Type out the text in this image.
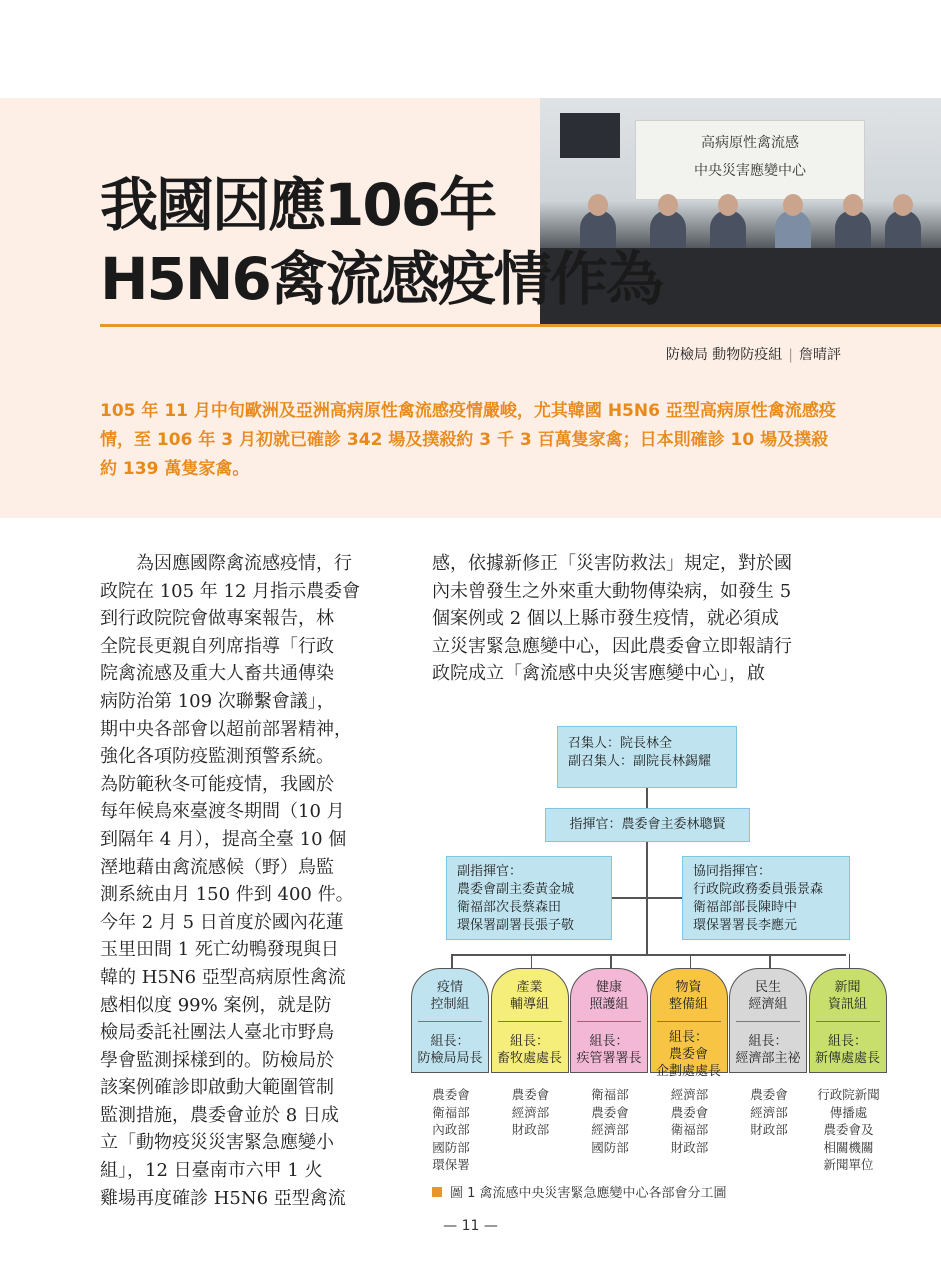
高病原性禽流感
中央災害應變中心
我國因應106年
H5N6禽流感疫情作為
防檢局 動物防疫組 | 詹晴評
105 年 11 月中旬歐洲及亞洲高病原性禽流感疫情嚴峻，尤其韓國 H5N6 亞型高病原性禽流感疫情，至 106 年 3 月初就已確診 342 場及撲殺約 3 千 3 百萬隻家禽；日本則確診 10 場及撲殺約 139 萬隻家禽。
　　為因應國際禽流感疫情，行
政院在 105 年 12 月指示農委會
到行政院院會做專案報告，林
全院長更親自列席指導「行政
院禽流感及重大人畜共通傳染
病防治第 109 次聯繫會議」，
期中央各部會以超前部署精神，
強化各項防疫監測預警系統。
為防範秋冬可能疫情，我國於
每年候鳥來臺渡冬期間（10 月
到隔年 4 月），提高全臺 10 個
溼地藉由禽流感候（野）鳥監
測系統由月 150 件到 400 件。
今年 2 月 5 日首度於國內花蓮
玉里田間 1 死亡幼鴨發現與日
韓的 H5N6 亞型高病原性禽流
感相似度 99% 案例，就是防
檢局委託社團法人臺北市野鳥
學會監測採樣到的。防檢局於
該案例確診即啟動大範圍管制
監測措施，農委會並於 8 日成
立「動物疫災災害緊急應變小
組」，12 日臺南市六甲 1 火
雞場再度確診 H5N6 亞型禽流
感，依據新修正「災害防救法」規定，對於國
內未曾發生之外來重大動物傳染病，如發生 5
個案例或 2 個以上縣市發生疫情，就必須成
立災害緊急應變中心，因此農委會立即報請行
政院成立「禽流感中央災害應變中心」，啟
召集人：院長林全
副召集人：副院長林錫耀
指揮官：農委會主委林聰賢
副指揮官：
農委會副主委黃金城
衛福部次長蔡森田
環保署副署長張子敬
協同指揮官：
行政院政務委員張景森
衛福部部長陳時中
環保署署長李應元
疫情
控制組
組長：
防檢局局長
農委會
衛福部
內政部
國防部
環保署
產業
輔導組
組長：
畜牧處處長
農委會
經濟部
財政部
健康
照護組
組長：
疾管署署長
衛福部
農委會
經濟部
國防部
物資
整備組
組長：
農委會
企劃處處長
經濟部
農委會
衛福部
財政部
民生
經濟組
組長：
經濟部主祕
農委會
經濟部
財政部
新聞
資訊組
組長：
新傳處處長
行政院新聞
傳播處
農委會及
相關機關
新聞單位
圖 1 禽流感中央災害緊急應變中心各部會分工圖
— 11 —
